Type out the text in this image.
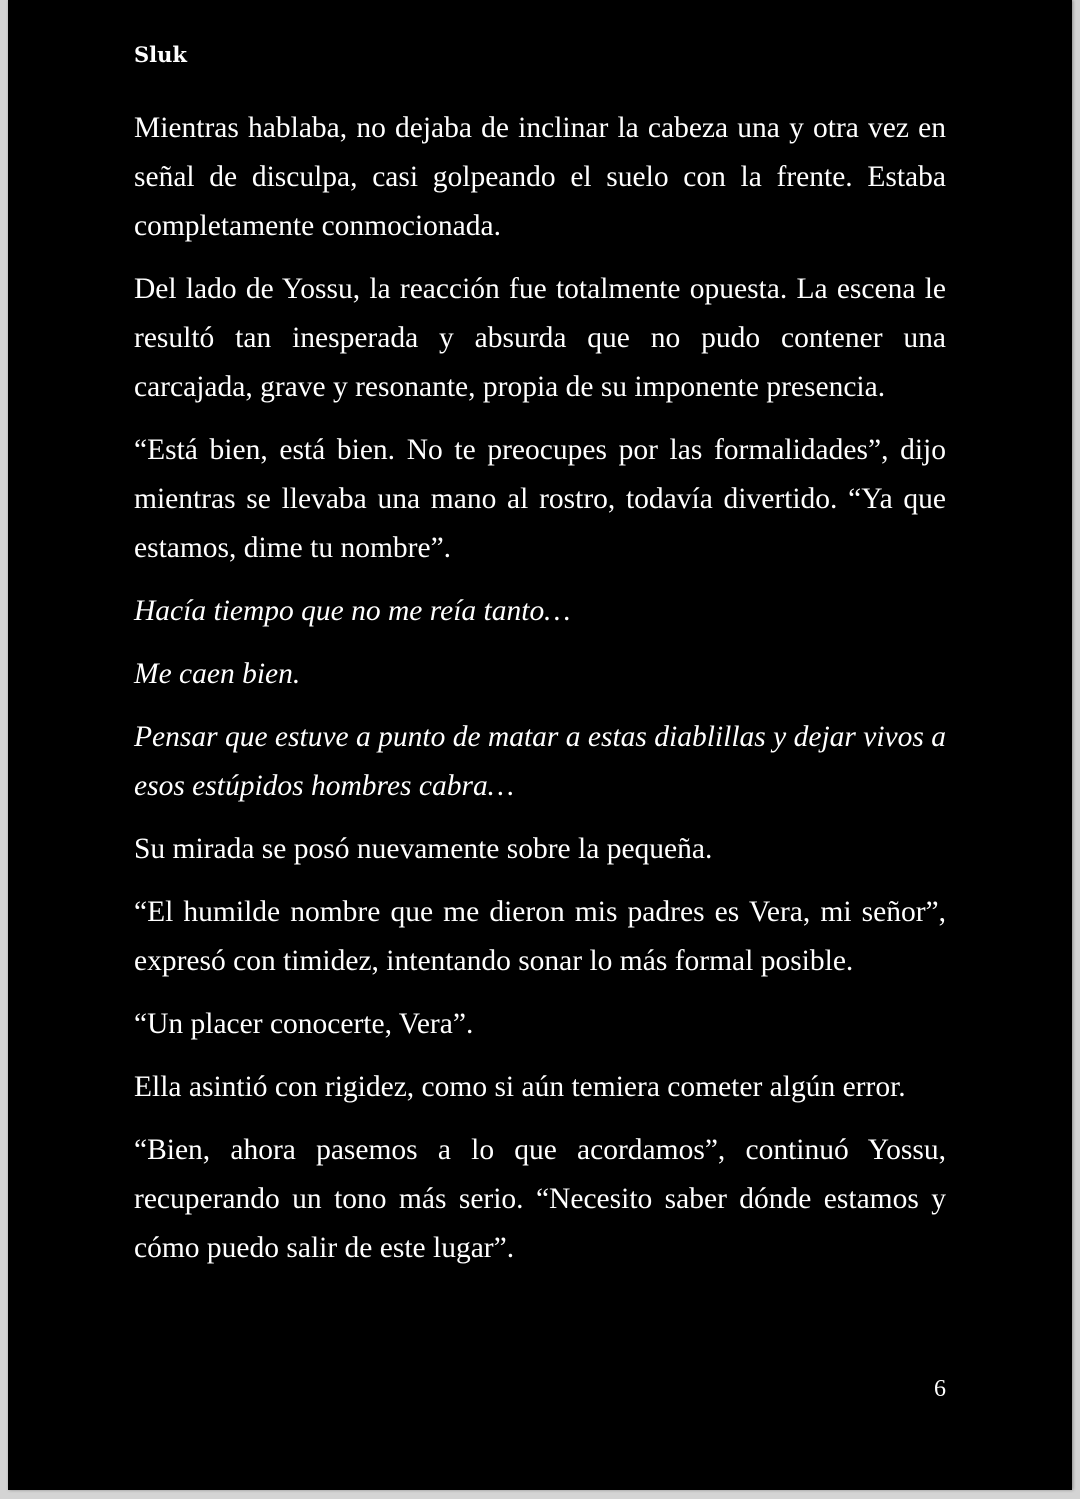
Sluk

Mientras hablaba, no dejaba de inclinar la cabeza una y otra vez en señal de disculpa, casi golpeando el suelo con la frente. Estaba completamente conmocionada.

Del lado de Yossu, la reacción fue totalmente opuesta. La escena le resultó tan inesperada y absurda que no pudo contener una carcajada, grave y resonante, propia de su imponente presencia.

“Está bien, está bien. No te preocupes por las formalidades”, dijo mientras se llevaba una mano al rostro, todavía divertido. “Ya que estamos, dime tu nombre”.

Hacía tiempo que no me reía tanto…

Me caen bien.

Pensar que estuve a punto de matar a estas diablillas y dejar vivos a esos estúpidos hombres cabra…

Su mirada se posó nuevamente sobre la pequeña.

“El humilde nombre que me dieron mis padres es Vera, mi señor”, expresó con timidez, intentando sonar lo más formal posible.

“Un placer conocerte, Vera”.

Ella asintió con rigidez, como si aún temiera cometer algún error.

“Bien, ahora pasemos a lo que acordamos”, continuó Yossu, recuperando un tono más serio. “Necesito saber dónde estamos y cómo puedo salir de este lugar”.

6
